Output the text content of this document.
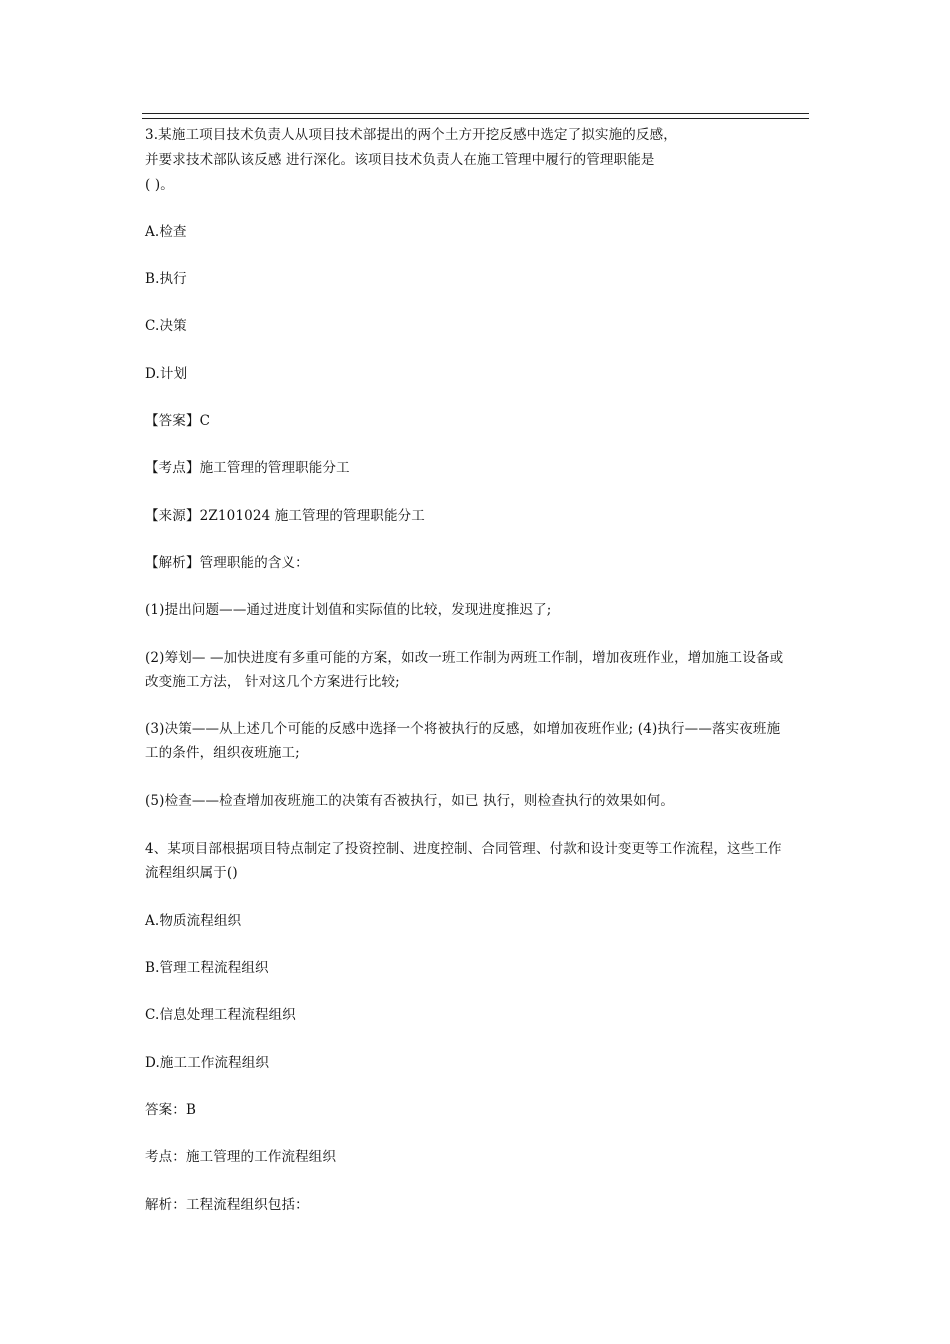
3.某施工项目技术负责人从项目技术部提出的两个土方开挖反感中选定了拟实施的反感，
并要求技术部队该反感 进行深化。该项目技术负责人在施工管理中履行的管理职能是
( )。
A.检查
B.执行
C.决策
D.计划
【答案】C
【考点】施工管理的管理职能分工
【来源】2Z101024 施工管理的管理职能分工
【解析】管理职能的含义：
(1)提出问题——通过进度计划值和实际值的比较，发现进度推迟了;
(2)筹划— —加快进度有多重可能的方案，如改一班工作制为两班工作制，增加夜班作业，增加施工设备或
改变施工方法， 针对这几个方案进行比较;
(3)决策——从上述几个可能的反感中选择一个将被执行的反感，如增加夜班作业; (4)执行——落实夜班施
工的条件，组织夜班施工;
(5)检查——检查增加夜班施工的决策有否被执行，如已 执行，则检查执行的效果如何。
4、某项目部根据项目特点制定了投资控制、进度控制、合同管理、付款和设计变更等工作流程，这些工作
流程组织属于()
A.物质流程组织
B.管理工程流程组织
C.信息处理工程流程组织
D.施工工作流程组织
答案：B
考点：施工管理的工作流程组织
解析：工程流程组织包括：
